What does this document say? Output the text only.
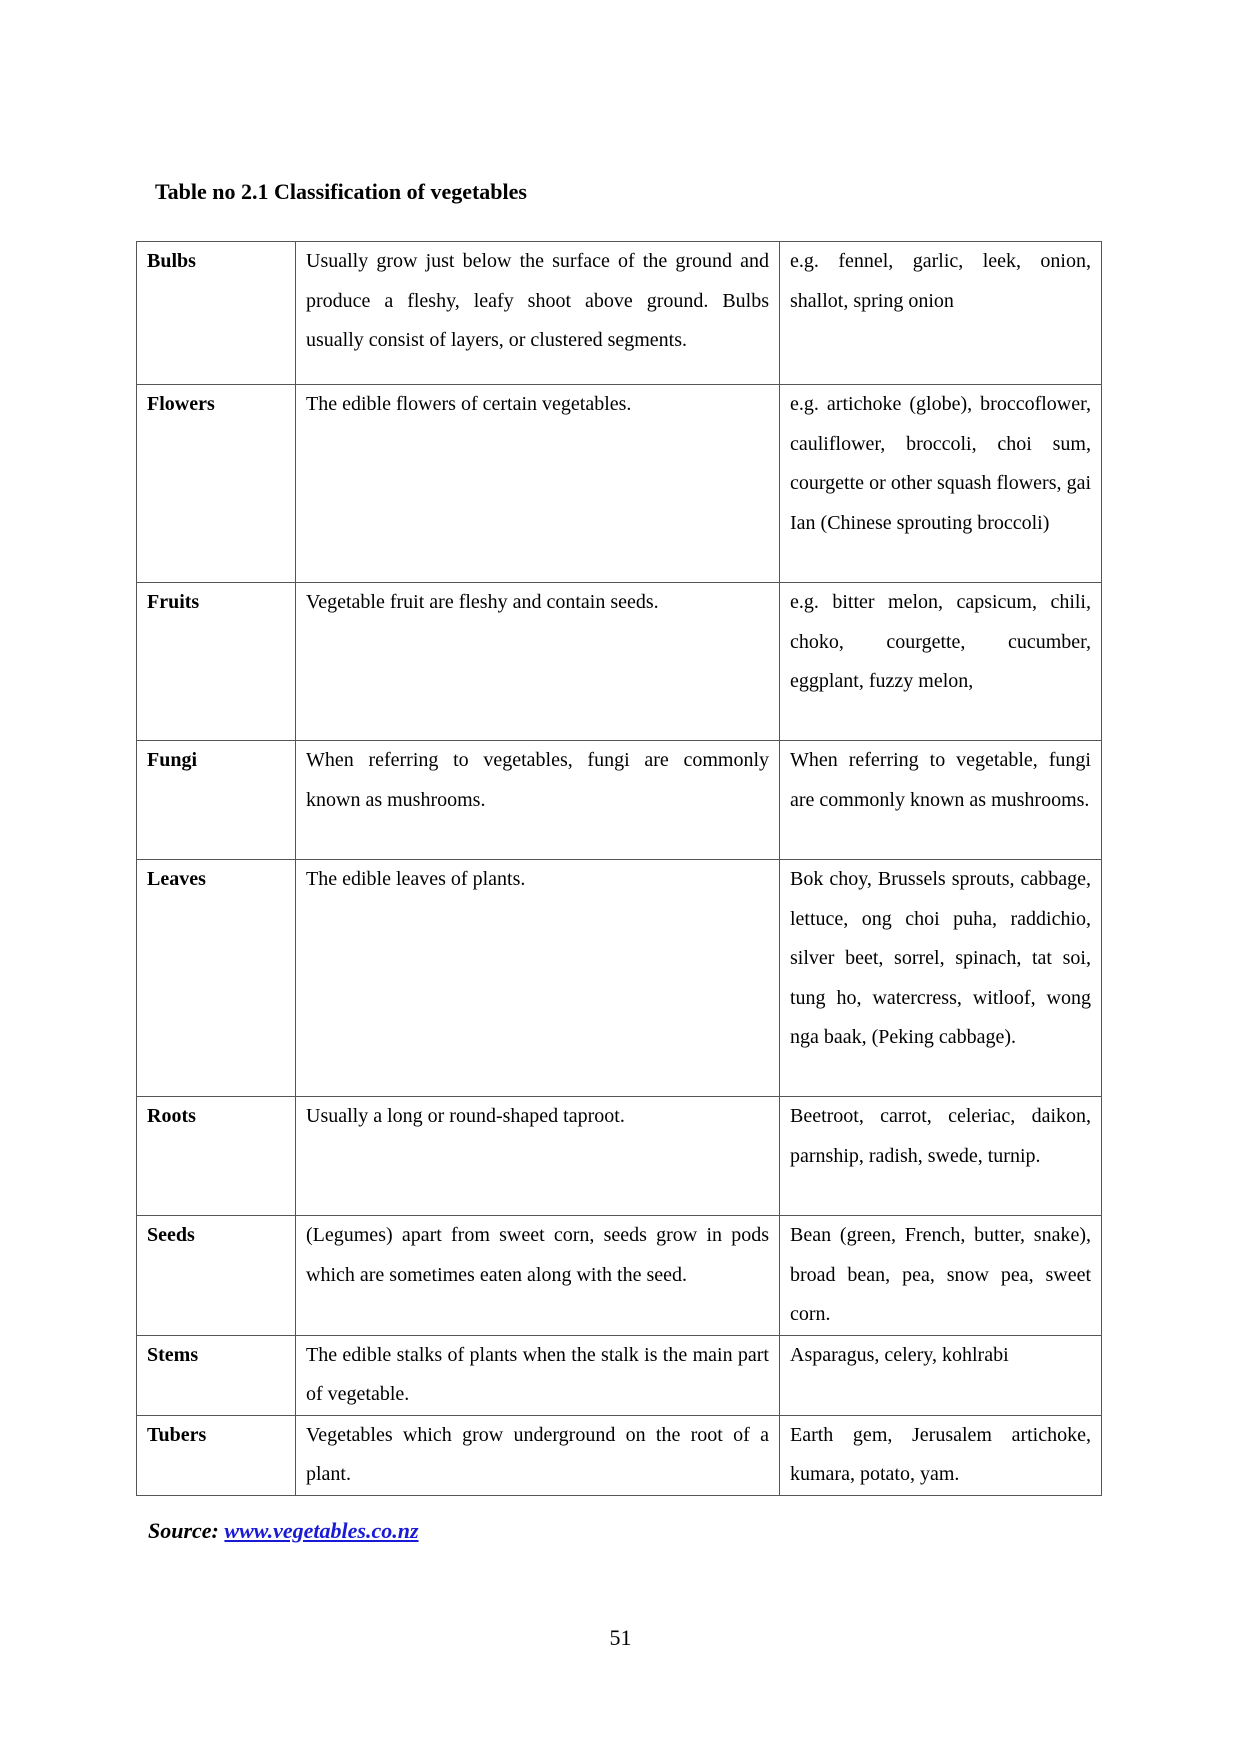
Table no 2.1 Classification of vegetables
Bulbs	Usually grow just below the surface of the ground and produce a fleshy, leafy shoot above ground. Bulbs usually consist of layers, or clustered segments.	e.g. fennel, garlic, leek, onion, shallot, spring onion
Flowers	The edible flowers of certain vegetables.	e.g. artichoke (globe), broccoflower, cauliflower, broccoli, choi sum, courgette or other squash flowers, gai Ian (Chinese sprouting broccoli)
Fruits	Vegetable fruit are fleshy and contain seeds.	e.g. bitter melon, capsicum, chili, choko, courgette, cucumber, eggplant, fuzzy melon,
Fungi	When referring to vegetables, fungi are commonly known as mushrooms.	When referring to vegetable, fungi are commonly known as mushrooms.
Leaves	The edible leaves of plants.	Bok choy, Brussels sprouts, cabbage, lettuce, ong choi puha, raddichio, silver beet, sorrel, spinach, tat soi, tung ho, watercress, witloof, wong nga baak, (Peking cabbage).
Roots	Usually a long or round-shaped taproot.	Beetroot, carrot, celeriac, daikon, parnship, radish, swede, turnip.
Seeds	(Legumes) apart from sweet corn, seeds grow in pods which are sometimes eaten along with the seed.	Bean (green, French, butter, snake), broad bean, pea, snow pea, sweet corn.
Stems	The edible stalks of plants when the stalk is the main part of vegetable.	Asparagus, celery, kohlrabi
Tubers	Vegetables which grow underground on the root of a plant.	Earth gem, Jerusalem artichoke, kumara, potato, yam.
Source: www.vegetables.co.nz
51
